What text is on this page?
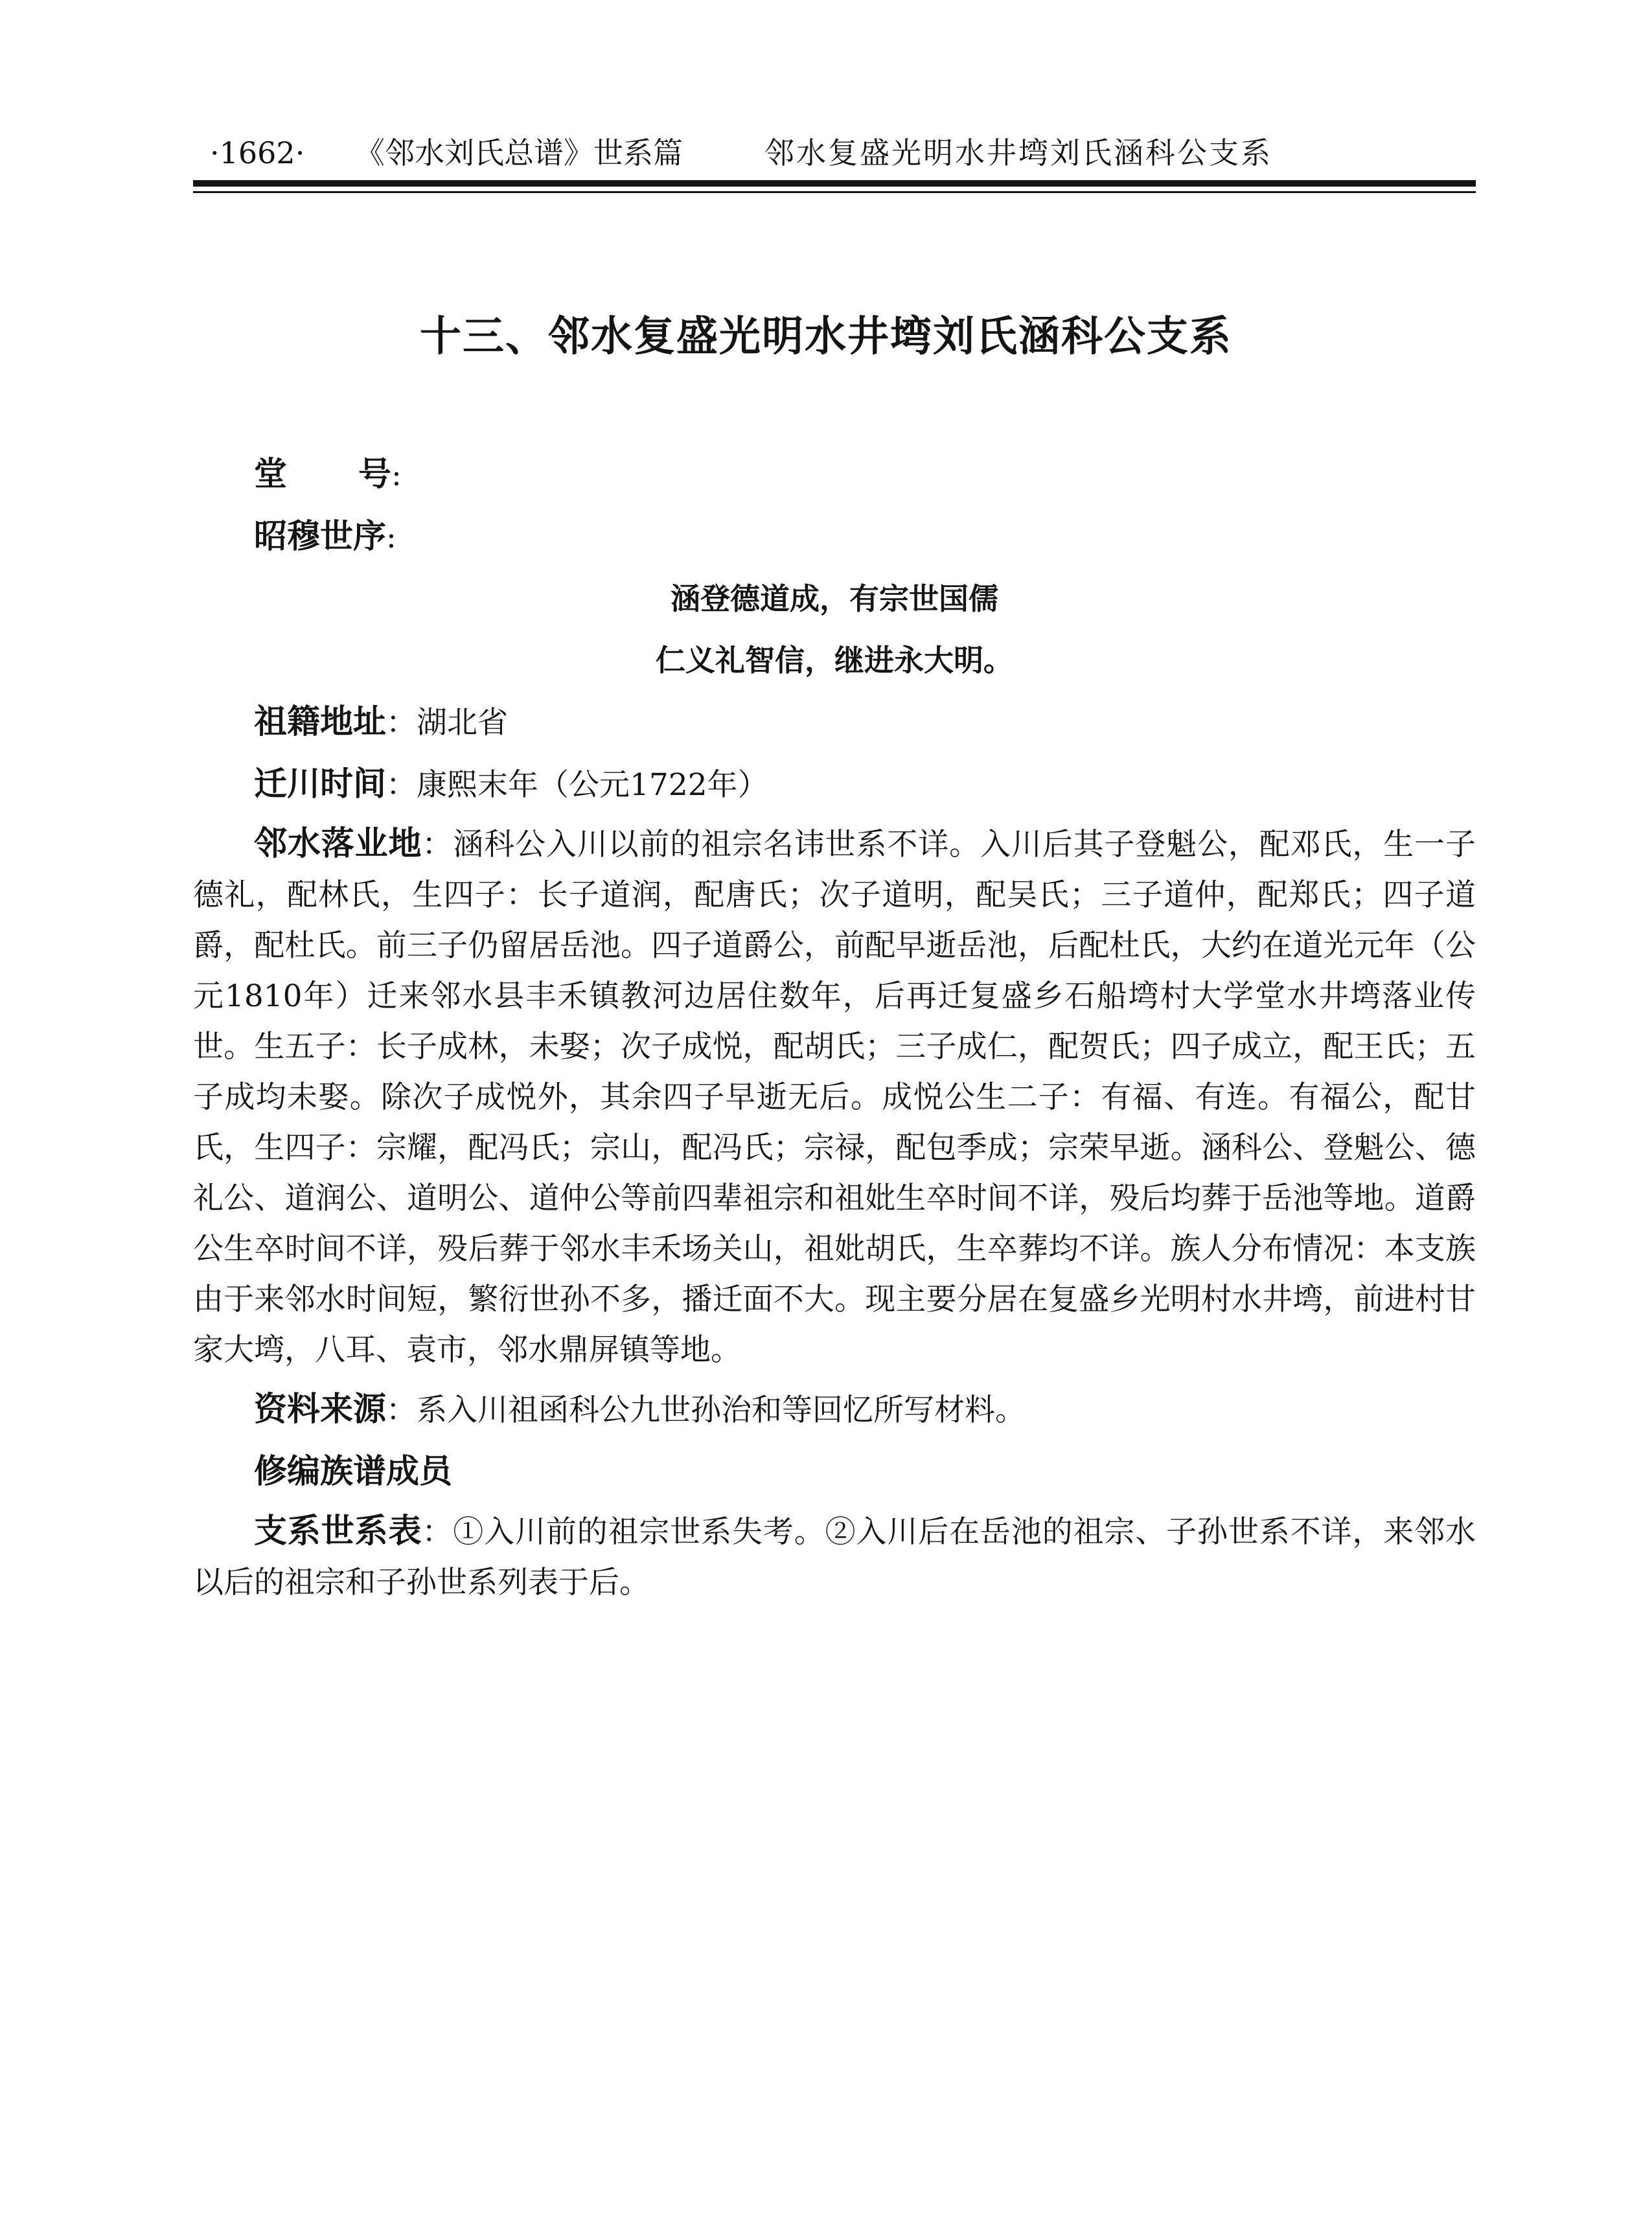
·1662· 《邻水刘氏总谱》世系篇	邻水复盛光明水井塆刘氏涵科公支系
十三、邻水复盛光明水井塆刘氏涵科公支系

堂号:

昭穆世序:

涵登德道成，有宗世国儒
仁义礼智信，继进永大明。

祖籍地址：湖北省

迁川时间：康熙末年（公元1722年）

邻水落业地：涵科公入川以前的祖宗名讳世系不详。入川后其子登魁公，配邓氏，生一子德礼，配林氏，生四子：长子道润，配唐氏；次子道明，配吴氏；三子道仲，配郑氏；四子道爵，配杜氏。前三子仍留居岳池。四子道爵公，前配早逝岳池，后配杜氏，大约在道光元年（公元1810年）迁来邻水县丰禾镇教河边居住数年，后再迁复盛乡石船塆村大学堂水井塆落业传世。生五子：长子成林，未娶；次子成悦，配胡氏；三子成仁，配贺氏；四子成立，配王氏；五子成均未娶。除次子成悦外，其余四子早逝无后。成悦公生二子：有福、有连。有福公，配甘氏，生四子：宗耀，配冯氏；宗山，配冯氏；宗禄，配包季成；宗荣早逝。涵科公、登魁公、德礼公、道润公、道明公、道仲公等前四辈祖宗和祖妣生卒时间不详，殁后均葬于岳池等地。道爵公生卒时间不详，殁后葬于邻水丰禾场关山，祖妣胡氏，生卒葬均不详。族人分布情况：本支族由于来邻水时间短，繁衍世孙不多，播迁面不大。现主要分居在复盛乡光明村水井塆，前进村甘家大塆，八耳、袁市，邻水鼎屏镇等地。

资料来源：系入川祖函科公九世孙治和等回忆所写材料。

修编族谱成员

支系世系表：①入川前的祖宗世系失考。②入川后在岳池的祖宗、子孙世系不详，来邻水以后的祖宗和子孙世系列表于后。
